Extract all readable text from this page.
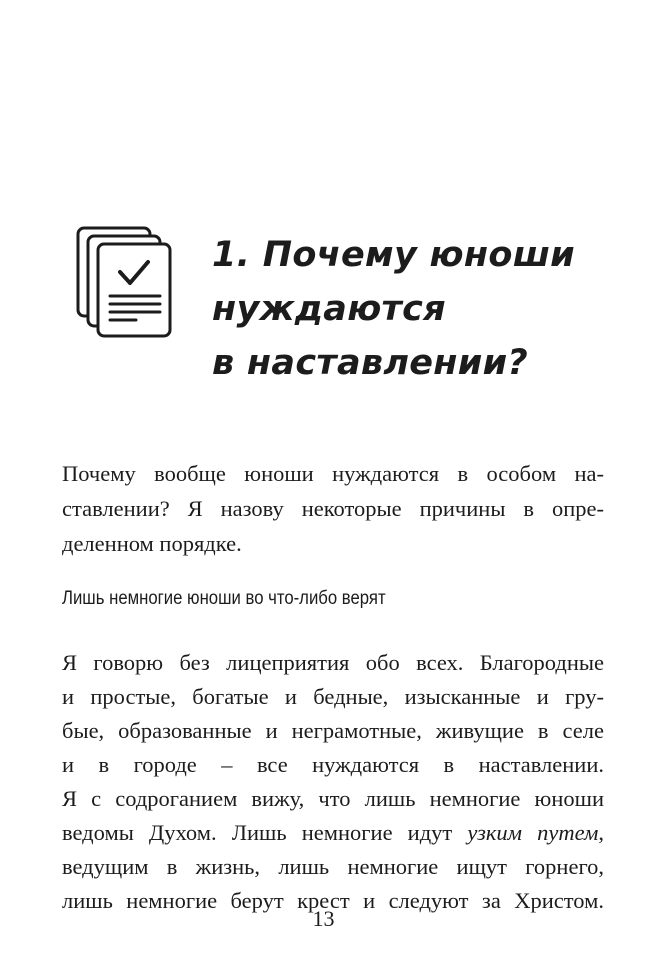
1. Почему юноши
нуждаются
в наставлении?

Почему вообще юноши нуждаются в особом наставлении? Я назову некоторые причины в определенном порядке.

Лишь немногие юноши во что-либо верят

Я говорю без лицеприятия обо всех. Благородные
и простые, богатые и бедные, изысканные и гру-
бые, образованные и неграмотные, живущие в селе
и в городе – все нуждаются в наставлении.
Я с содроганием вижу, что лишь немногие юноши
ведомы Духом. Лишь немногие идут узким путем,
ведущим в жизнь, лишь немногие ищут горнего,
лишь немногие берут крест и следуют за Христом.

13
